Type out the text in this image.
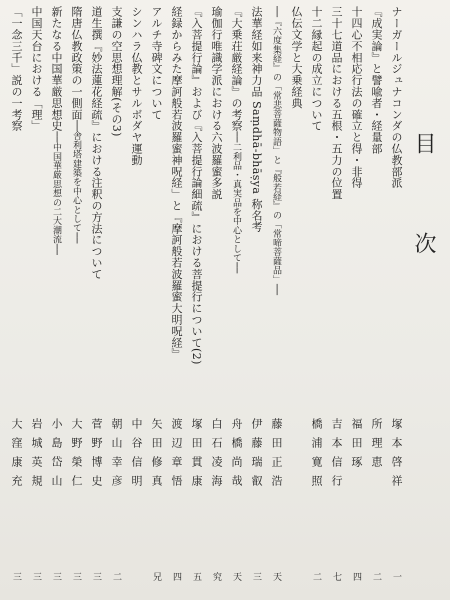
目　次
ナーガールジュナコンダの仏教部派
塚本啓祥
一
『成実論』と譬喩者・経量部
所理恵
二
十四心不相応行法の確立と得・非得
福田琢
四
三十七道品における五根・五力の位置
吉本信行
七
十二縁起の成立について
橋浦寛照
二
仏伝文学と大乗経典
──『六度集経』の「常悲菩薩物語」と『般若経』の「常啼菩薩品」──
藤田正浩
天
法華経如来神力品 Saṃdhā-bhāṣya 称名考
伊藤瑞叡
三
『大乗荘厳経論』の考察──二利品・真実品を中心として──
舟橋尚哉
天
瑜伽行唯識学派における六波羅蜜多説
白石凌海
究
『入菩提行論』および『入菩提行論細疏』における菩提行について(2)
塚田貫康
五
経録からみた摩訶般若波羅蜜神呪経」と『摩訶般若波羅蜜大明呪経』
渡辺章悟
四
アルチ寺碑文について
矢田修真
兄
シンハラ仏教とサルボダヤ運動
中谷信明
支謙の空思想理解(その3)
朝山幸彦
二
道生撰『妙法蓮花経疏』における注釈の方法について
菅野博史
三
隋唐仏教政策の一側面──舎利塔建築を中心として──
大野榮仁
三
新たなる中国華厳思想史──中国華厳思想の二大潮流──
小島岱山
三
中国天台における「理」
岩城英規
三
「一念三千」説の一考察
大窪康充
三
